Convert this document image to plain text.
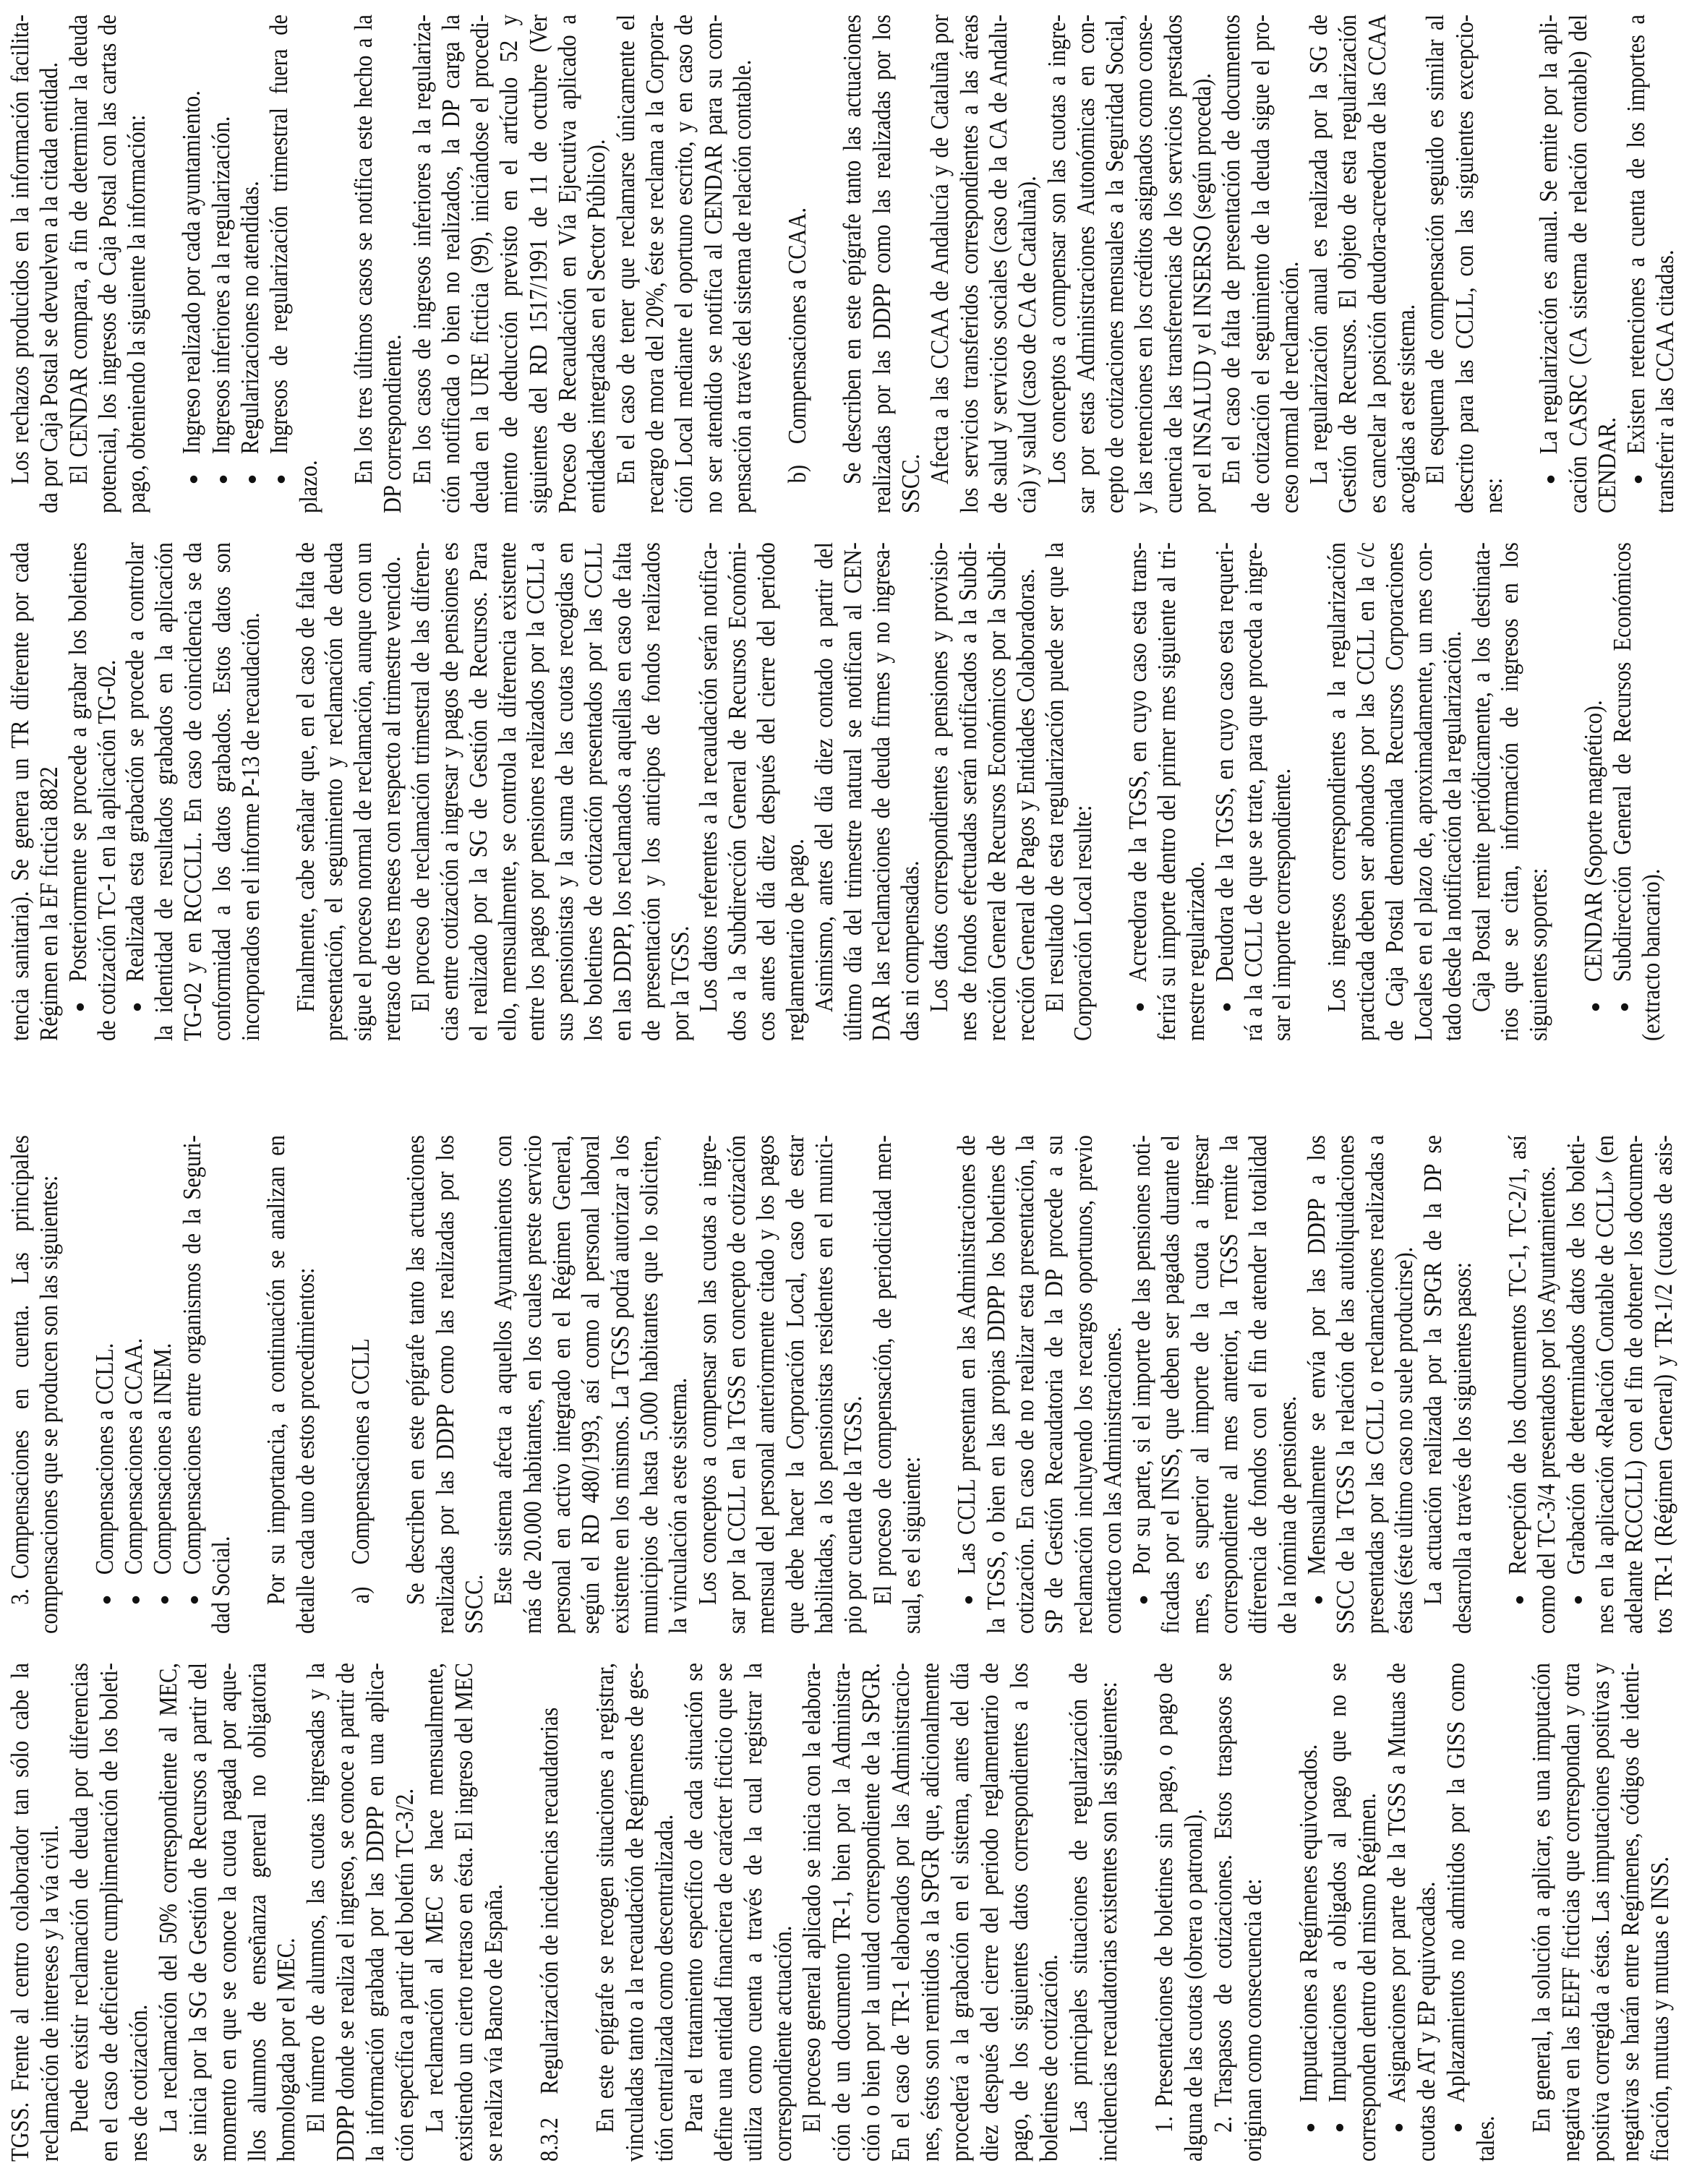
TGSS. Frente al centro colaborador tan sólo cabe la reclamación de intereses y la vía civil. Puede existir reclamación de deuda por diferencias en el caso de deficiente cumplimentación de los boleti- nes de cotización. La reclamación del 50% correspondiente al MEC, se inicia por la SG de Gestión de Recursos a partir del momento en que se conoce la cuota pagada por aque- llos alumnos de enseñanza general no obligatoria homologada por el MEC. El número de alumnos, las cuotas ingresadas y la DDPP donde se realiza el ingreso, se conoce a partir de la información grabada por las DDPP en una aplica- ción específica a partir del boletín TC-3/2. La reclamación al MEC se hace mensualmente, existiendo un cierto retraso en ésta. El ingreso del MEC se realiza vía Banco de España. 8.3.2
Regularización de incidencias recaudatorias En este epígrafe se recogen situaciones a registrar, vinculadas tanto a la recaudación de Regímenes de ges- tión centralizada como descentralizada. Para el tratamiento específico de cada situación se define una entidad financiera de carácter ficticio que se utiliza como cuenta a través de la cual registrar la correspondiente actuación. El proceso general aplicado se inicia con la elabora- ción de un documento TR-1, bien por la Administra- ción o bien por la unidad correspondiente de la SPGR. En el caso de TR-1 elaborados por las Administracio- nes, éstos son remitidos a la SPGR que, adicionalmente procederá a la grabación en el sistema, antes del día diez después del cierre del periodo reglamentario de pago, de los siguientes datos correspondientes a los boletines de cotización. Las principales situaciones de regularización de incidencias recaudatorias existentes son las siguientes: 1.
Presentaciones de boletines sin pago, o pago de alguna de las cuotas (obrera o patronal). 2.
Traspasos de cotizaciones. Estos traspasos se originan como consecuencia de: Imputaciones a Regímenes equivocados. Imputaciones a obligados al pago que no se corresponden dentro del mismo Régimen. Asignaciones por parte de la TGSS a Mutuas de cuotas de AT y EP equivocadas. Aplazamientos no admitidos por la GISS como
tales.
En general, la solución a aplicar, es una imputación negativa en las EEFF ficticias que correspondan y otra positiva corregida a éstas. Las imputaciones positivas y negativas se harán entre Regímenes, códigos de identi- ficación, mutuas y mutuas e INSS.
3.
Compensaciones en cuenta. Las principales compensaciones que se producen son las siguientes: Compensaciones a CCLL. Compensaciones a CCAA. Compensaciones a INEM. Compensaciones entre organismos de la Seguri-
dad Social. Por su importancia, a continuación se analizan en detalle cada uno de estos procedimientos: a)
Compensaciones a CCLL Se describen en este epígrafe tanto las actuaciones realizadas por las DDPP como las realizadas por los SSCC. Este sistema afecta a aquellos Ayuntamientos con más de 20.000 habitantes, en los cuales preste servicio personal en activo integrado en el Régimen General, según el RD 480/1993, así como al personal laboral existente en los mismos. La TGSS podrá autorizar a los municipios de hasta 5.000 habitantes que lo soliciten, la vinculación a este sistema. Los conceptos a compensar son las cuotas a ingre- sar por la CCLL en la TGSS en concepto de cotización mensual del personal anteriormente citado y los pagos que debe hacer la Corporación Local, caso de estar habilitadas, a los pensionistas residentes en el munici- pio por cuenta de la TGSS. El proceso de compensación, de periodicidad men- sual, es el siguiente: Las CCLL presentan en las Administraciones de la TGSS, o bien en las propias DDPP los boletines de cotización. En caso de no realizar esta presentación, la SP de Gestión Recaudatoria de la DP procede a su reclamación incluyendo los recargos oportunos, previo contacto con las Administraciones. Por su parte, si el importe de las pensiones noti- ficadas por el INSS, que deben ser pagadas durante el mes, es superior al importe de la cuota a ingresar correspondiente al mes anterior, la TGSS remite la diferencia de fondos con el fin de atender la totalidad de la nómina de pensiones. Mensualmente se envía por las DDPP a los SSCC de la TGSS la relación de las autoliquidaciones presentadas por las CCLL o reclamaciones realizadas a éstas (éste último caso no suele producirse). La actuación realizada por la SPGR de la DP se desarrolla a través de los siguientes pasos: Recepción de los documentos TC-1, TC-2/1, así como del TC-3/4 presentados por los Ayuntamientos. Grabación de determinados datos de los boleti- nes en la aplicación «Relación Contable de CCLL» (en adelante RCCCLL) con el fin de obtener los documen- tos TR-1 (Régimen General) y TR-1/2 (cuotas de asis-
tencia sanitaria). Se genera un TR diferente por cada Régimen en la EF ficticia 8822 Posteriormente se procede a grabar los boletines de cotización TC-1 en la aplicación TG-02. Realizada esta grabación se procede a controlar la identidad de resultados grabados en la aplicación TG-02 y en RCCCLL. En caso de coincidencia se da conformidad a los datos grabados. Estos datos son incorporados en el informe P-13 de recaudación. Finalmente, cabe señalar que, en el caso de falta de presentación, el seguimiento y reclamación de deuda sigue el proceso normal de reclamación, aunque con un retraso de tres meses con respecto al trimestre vencido. El proceso de reclamación trimestral de las diferen- cias entre cotización a ingresar y pagos de pensiones es el realizado por la SG de Gestión de Recursos. Para ello, mensualmente, se controla la diferencia existente entre los pagos por pensiones realizados por la CCLL a sus pensionistas y la suma de las cuotas recogidas en los boletines de cotización presentados por las CCLL en las DDPP, los reclamados a aquéllas en caso de falta de presentación y los anticipos de fondos realizados por la TGSS. Los datos referentes a la recaudación serán notifica- dos a la Subdirección General de Recursos Económi- cos antes del día diez después del cierre del periodo reglamentario de pago. Asimismo, antes del día diez contado a partir del último día del trimestre natural se notifican al CEN- DAR las reclamaciones de deuda firmes y no ingresa- das ni compensadas. Los datos correspondientes a pensiones y provisio- nes de fondos efectuadas serán notificados a la Subdi- rección General de Recursos Económicos por la Subdi- rección General de Pagos y Entidades Colaboradoras. El resultado de esta regularización puede ser que la Corporación Local resulte: Acreedora de la TGSS, en cuyo caso esta trans- ferirá su importe dentro del primer mes siguiente al tri- mestre regularizado. Deudora de la TGSS, en cuyo caso esta requeri- rá a la CCLL de que se trate, para que proceda a ingre- sar el importe correspondiente. Los ingresos correspondientes a la regularización practicada deben ser abonados por las CCLL en la c/c de Caja Postal denominada Recursos Corporaciones Locales en el plazo de, aproximadamente, un mes con- tado desde la notificación de la regularización. Caja Postal remite periódicamente, a los destinata- rios que se citan, información de ingresos en los siguientes soportes: CENDAR (Soporte magnético). Subdirección General de Recursos Económicos (extracto bancario).
Los rechazos producidos en la información facilita- da por Caja Postal se devuelven a la citada entidad. El CENDAR compara, a fin de determinar la deuda potencial, los ingresos de Caja Postal con las cartas de pago, obteniendo la siguiente la información: Ingreso realizado por cada ayuntamiento. Ingresos inferiores a la regularización. Regularizaciones no atendidas. Ingresos de regularización trimestral fuera de
plazo.
En los tres últimos casos se notifica este hecho a la DP correspondiente. En los casos de ingresos inferiores a la regulariza- ción notificada o bien no realizados, la DP carga la deuda en la URE ficticia (99), iniciándose el procedi- miento de deducción previsto en el artículo 52 y siguientes del RD 1517/1991 de 11 de octubre (Ver Proceso de Recaudación en Vía Ejecutiva aplicado a entidades integradas en el Sector Público). En el caso de tener que reclamarse únicamente el recargo de mora del 20%, éste se reclama a la Corpora- ción Local mediante el oportuno escrito, y en caso de no ser atendido se notifica al CENDAR para su com- pensación a través del sistema de relación contable. b)
Compensaciones a CCAA. Se describen en este epígrafe tanto las actuaciones realizadas por las DDPP como las realizadas por los SSCC. Afecta a las CCAA de Andalucía y de Cataluña por los servicios transferidos correspondientes a las áreas de salud y servicios sociales (caso de la CA de Andalu- cía) y salud (caso de CA de Cataluña). Los conceptos a compensar son las cuotas a ingre- sar por estas Administraciones Autonómicas en con- cepto de cotizaciones mensuales a la Seguridad Social, y las retenciones en los créditos asignados como conse- cuencia de las transferencias de los servicios prestados por el INSALUD y el INSERSO (según proceda). En el caso de falta de presentación de documentos de cotización el seguimiento de la deuda sigue el pro- ceso normal de reclamación. La regularización anual es realizada por la SG de Gestión de Recursos. El objeto de esta regularización es cancelar la posición deudora-acreedora de las CCAA acogidas a este sistema. El esquema de compensación seguido es similar al descrito para las CCLL, con las siguientes excepcio- nes:
La regularización es anual. Se emite por la apli- cación CASRC (CA sistema de relación contable) del CENDAR.
Existen retenciones a cuenta de los importes a transferir a las CCAA citadas.
